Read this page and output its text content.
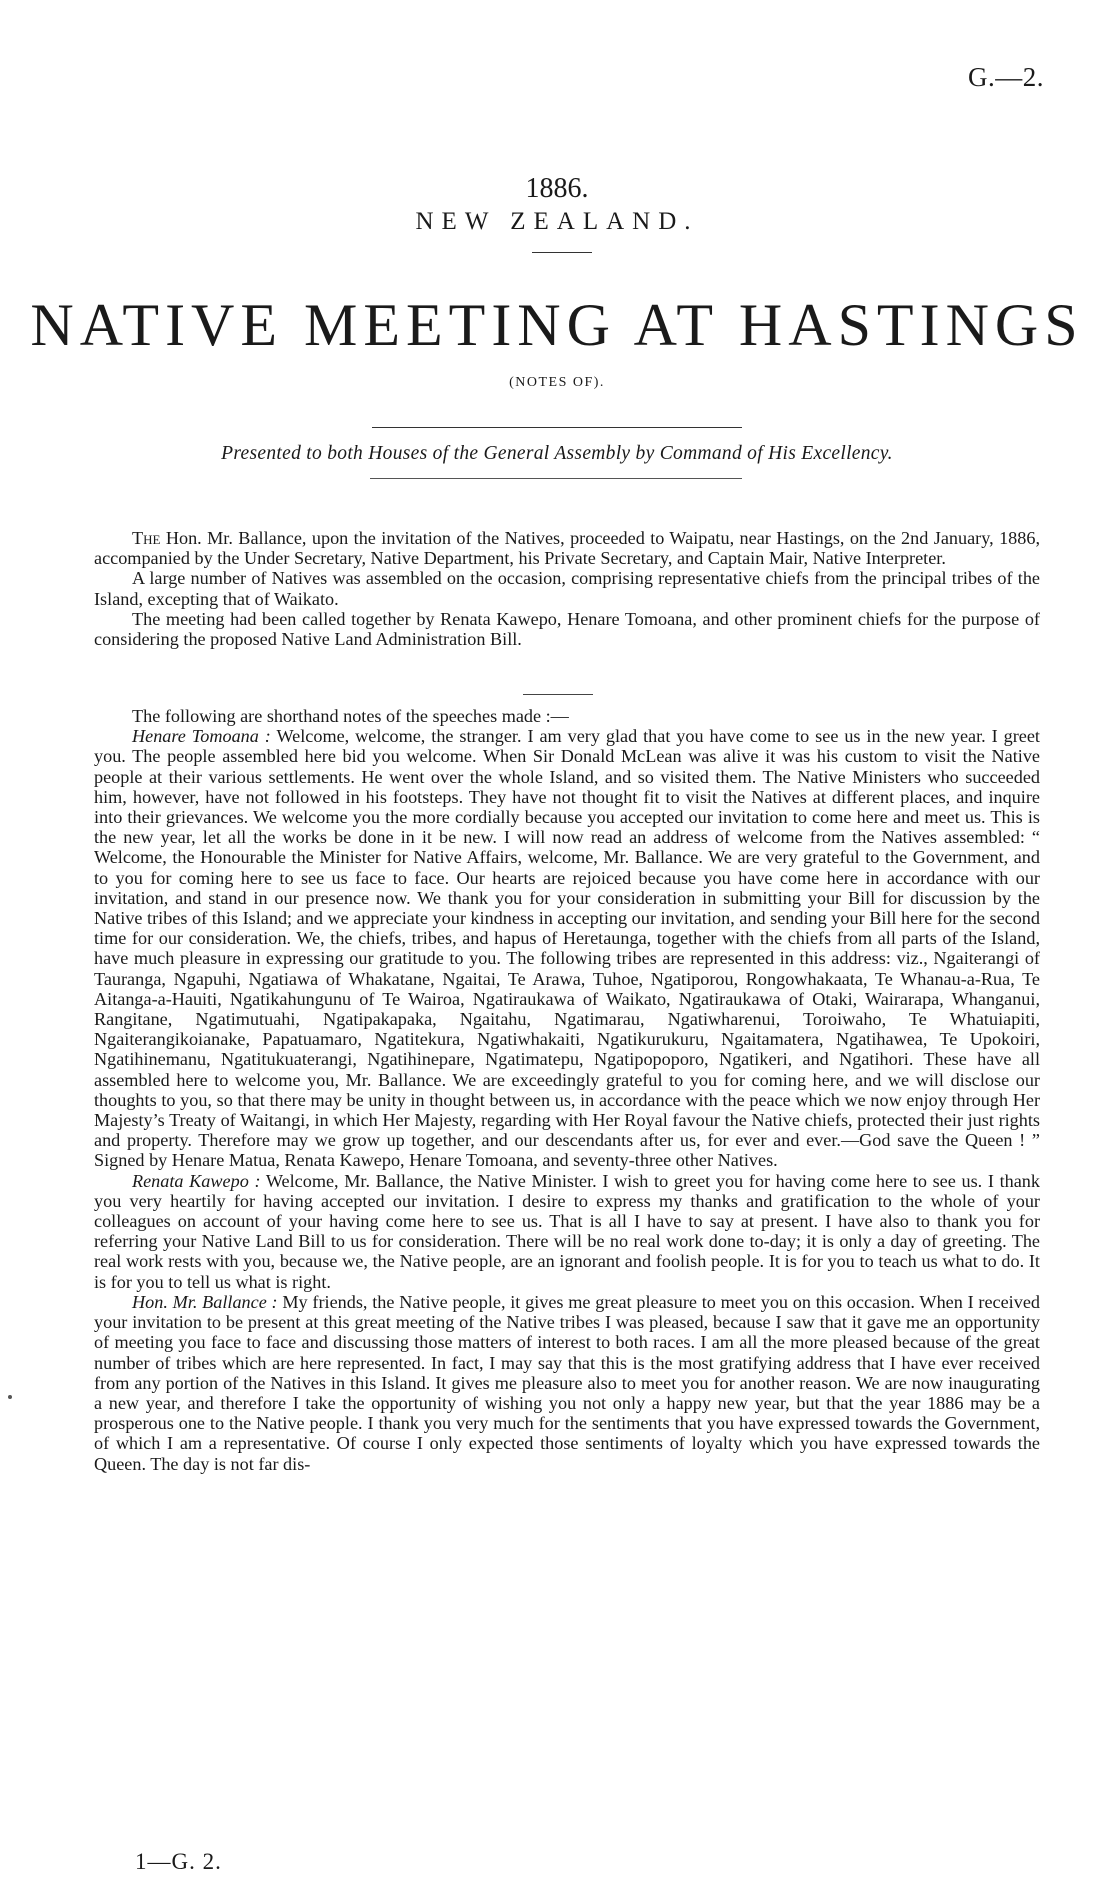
G.—2.
1886.
NEW ZEALAND.
NATIVE MEETING AT HASTINGS
(NOTES OF).
Presented to both Houses of the General Assembly by Command of His Excellency.

The Hon. Mr. Ballance, upon the invitation of the Natives, proceeded to Waipatu, near Hastings, on the 2nd January, 1886, accompanied by the Under Secretary, Native Department, his Private Secretary, and Captain Mair, Native Interpreter.

A large number of Natives was assembled on the occasion, comprising representative chiefs from the principal tribes of the Island, excepting that of Waikato.

The meeting had been called together by Renata Kawepo, Henare Tomoana, and other prominent chiefs for the purpose of considering the proposed Native Land Administration Bill.

The following are shorthand notes of the speeches made :—

Henare Tomoana : Welcome, welcome, the stranger. I am very glad that you have come to see us in the new year. I greet you. The people assembled here bid you welcome. When Sir Donald McLean was alive it was his custom to visit the Native people at their various settlements. He went over the whole Island, and so visited them. The Native Ministers who succeeded him, however, have not followed in his footsteps. They have not thought fit to visit the Natives at different places, and inquire into their grievances. We welcome you the more cordially because you accepted our invitation to come here and meet us. This is the new year, let all the works be done in it be new. I will now read an address of welcome from the Natives assembled: “ Welcome, the Honourable the Minister for Native Affairs, welcome, Mr. Ballance. We are very grateful to the Government, and to you for coming here to see us face to face. Our hearts are rejoiced because you have come here in accordance with our invitation, and stand in our presence now. We thank you for your consideration in submitting your Bill for discussion by the Native tribes of this Island; and we appreciate your kindness in accepting our invitation, and sending your Bill here for the second time for our consideration. We, the chiefs, tribes, and hapus of Heretaunga, together with the chiefs from all parts of the Island, have much pleasure in expressing our gratitude to you. The following tribes are represented in this address: viz., Ngaiterangi of Tauranga, Ngapuhi, Ngatiawa of Whakatane, Ngaitai, Te Arawa, Tuhoe, Ngatiporou, Rongowhakaata, Te Whanau-a-Rua, Te Aitanga-a-Hauiti, Ngatikahungunu of Te Wairoa, Ngatiraukawa of Waikato, Ngatiraukawa of Otaki, Wairarapa, Whanganui, Rangitane, Ngatimutuahi, Ngatipakapaka, Ngaitahu, Ngatimarau, Ngatiwharenui, Toroiwaho, Te Whatuiapiti, Ngaiterangikoianake, Papatuamaro, Ngatitekura, Ngatiwhakaiti, Ngatikurukuru, Ngaitamatera, Ngatihawea, Te Upokoiri, Ngatihinemanu, Ngatitukuaterangi, Ngatihinepare, Ngatimatepu, Ngatipopoporo, Ngatikeri, and Ngatihori. These have all assembled here to welcome you, Mr. Ballance. We are exceedingly grateful to you for coming here, and we will disclose our thoughts to you, so that there may be unity in thought between us, in accordance with the peace which we now enjoy through Her Majesty’s Treaty of Waitangi, in which Her Majesty, regarding with Her Royal favour the Native chiefs, protected their just rights and property. Therefore may we grow up together, and our descendants after us, for ever and ever.—God save the Queen ! ” Signed by Henare Matua, Renata Kawepo, Henare Tomoana, and seventy-three other Natives.

Renata Kawepo : Welcome, Mr. Ballance, the Native Minister. I wish to greet you for having come here to see us. I thank you very heartily for having accepted our invitation. I desire to express my thanks and gratification to the whole of your colleagues on account of your having come here to see us. That is all I have to say at present. I have also to thank you for referring your Native Land Bill to us for consideration. There will be no real work done to-day; it is only a day of greeting. The real work rests with you, because we, the Native people, are an ignorant and foolish people. It is for you to teach us what to do. It is for you to tell us what is right.

Hon. Mr. Ballance : My friends, the Native people, it gives me great pleasure to meet you on this occasion. When I received your invitation to be present at this great meeting of the Native tribes I was pleased, because I saw that it gave me an opportunity of meeting you face to face and discussing those matters of interest to both races. I am all the more pleased because of the great number of tribes which are here represented. In fact, I may say that this is the most gratifying address that I have ever received from any portion of the Natives in this Island. It gives me pleasure also to meet you for another reason. We are now inaugurating a new year, and therefore I take the opportunity of wishing you not only a happy new year, but that the year 1886 may be a prosperous one to the Native people. I thank you very much for the sentiments that you have expressed towards the Government, of which I am a representative. Of course I only expected those sentiments of loyalty which you have expressed towards the Queen. The day is not far dis-

1—G. 2.
